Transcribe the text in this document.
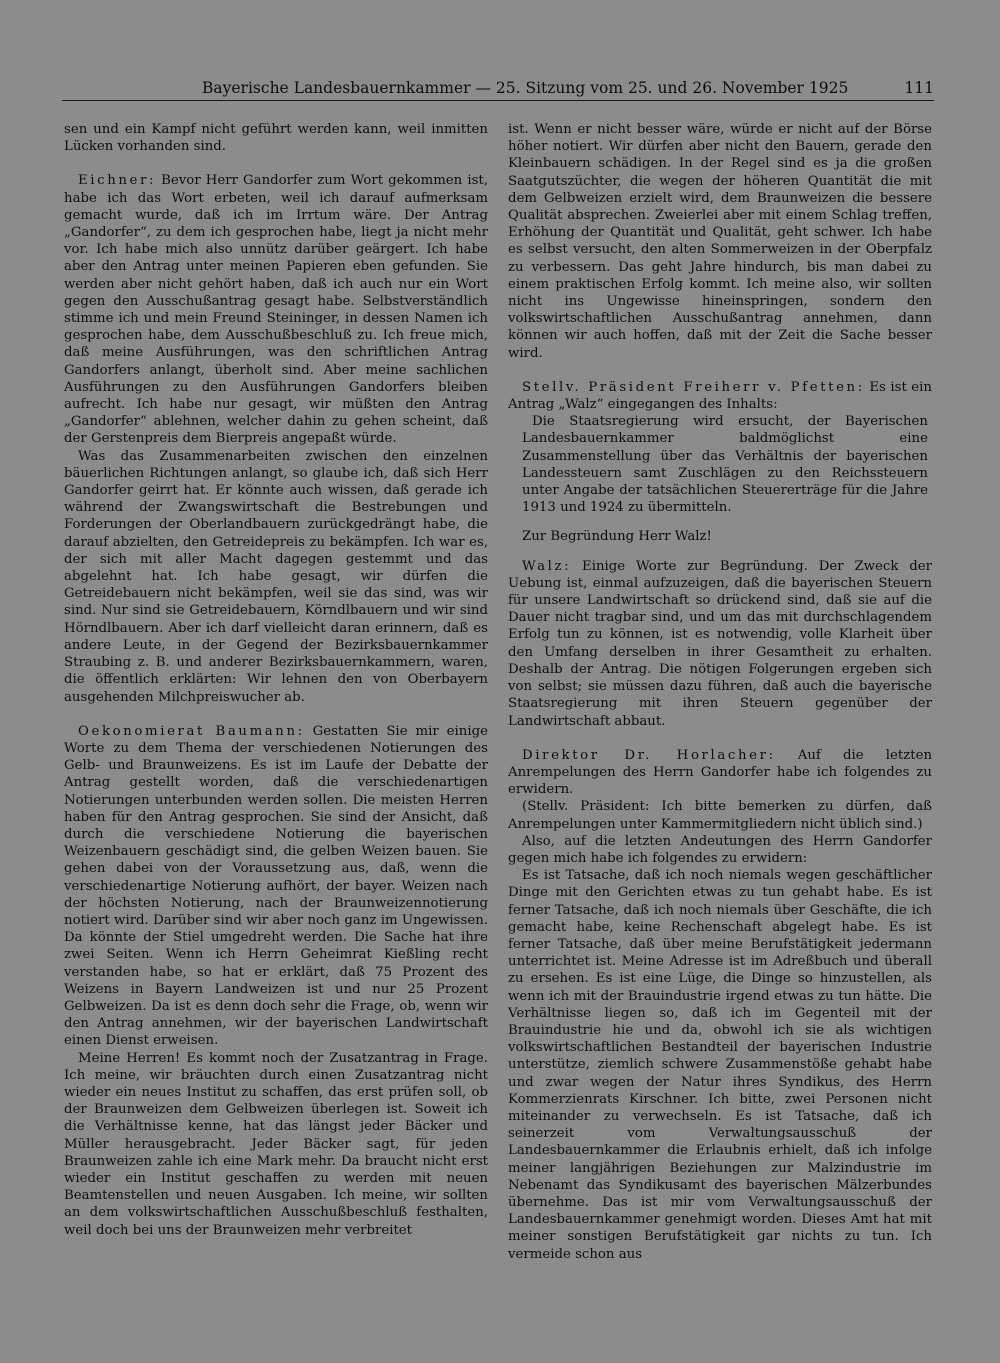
Bayerische Landesbauernkammer — 25. Sitzung vom 25. und 26. November 1925	111

sen und ein Kampf nicht geführt werden kann, weil inmitten Lücken vorhanden sind.

Eichner: Bevor Herr Gandorfer zum Wort gekommen ist, habe ich das Wort erbeten, weil ich darauf aufmerksam gemacht wurde, daß ich im Irrtum wäre. Der Antrag „Gandorfer“, zu dem ich gesprochen habe, liegt ja nicht mehr vor. Ich habe mich also unnütz darüber geärgert. Ich habe aber den Antrag unter meinen Papieren eben gefunden. Sie werden aber nicht gehört haben, daß ich auch nur ein Wort gegen den Ausschußantrag gesagt habe. Selbstverständlich stimme ich und mein Freund Steininger, in dessen Namen ich gesprochen habe, dem Ausschußbeschluß zu. Ich freue mich, daß meine Ausführungen, was den schriftlichen Antrag Gandorfers anlangt, überholt sind. Aber meine sachlichen Ausführungen zu den Ausführungen Gandorfers bleiben aufrecht. Ich habe nur gesagt, wir müßten den Antrag „Gandorfer“ ablehnen, welcher dahin zu gehen scheint, daß der Gerstenpreis dem Bierpreis angepaßt würde.

Was das Zusammenarbeiten zwischen den einzelnen bäuerlichen Richtungen anlangt, so glaube ich, daß sich Herr Gandorfer geirrt hat. Er könnte auch wissen, daß gerade ich während der Zwangswirtschaft die Bestrebungen und Forderungen der Oberlandbauern zurückgedrängt habe, die darauf abzielten, den Getreidepreis zu bekämpfen. Ich war es, der sich mit aller Macht dagegen gestemmt und das abgelehnt hat. Ich habe gesagt, wir dürfen die Getreidebauern nicht bekämpfen, weil sie das sind, was wir sind. Nur sind sie Getreidebauern, Körndlbauern und wir sind Hörndlbauern. Aber ich darf vielleicht daran erinnern, daß es andere Leute, in der Gegend der Bezirksbauernkammer Straubing z. B. und anderer Bezirksbauernkammern, waren, die öffentlich erklärten: Wir lehnen den von Oberbayern ausgehenden Milchpreiswucher ab.

Oekonomierat Baumann: Gestatten Sie mir einige Worte zu dem Thema der verschiedenen Notierungen des Gelb- und Braunweizens. Es ist im Laufe der Debatte der Antrag gestellt worden, daß die verschiedenartigen Notierungen unterbunden werden sollen. Die meisten Herren haben für den Antrag gesprochen. Sie sind der Ansicht, daß durch die verschiedene Notierung die bayerischen Weizenbauern geschädigt sind, die gelben Weizen bauen. Sie gehen dabei von der Voraussetzung aus, daß, wenn die verschiedenartige Notierung aufhört, der bayer. Weizen nach der höchsten Notierung, nach der Braunweizennotierung notiert wird. Darüber sind wir aber noch ganz im Ungewissen. Da könnte der Stiel umgedreht werden. Die Sache hat ihre zwei Seiten. Wenn ich Herrn Geheimrat Kießling recht verstanden habe, so hat er erklärt, daß 75 Prozent des Weizens in Bayern Landweizen ist und nur 25 Prozent Gelbweizen. Da ist es denn doch sehr die Frage, ob, wenn wir den Antrag annehmen, wir der bayerischen Landwirtschaft einen Dienst erweisen.

Meine Herren! Es kommt noch der Zusatzantrag in Frage. Ich meine, wir bräuchten durch einen Zusatzantrag nicht wieder ein neues Institut zu schaffen, das erst prüfen soll, ob der Braunweizen dem Gelbweizen überlegen ist. Soweit ich die Verhältnisse kenne, hat das längst jeder Bäcker und Müller herausgebracht. Jeder Bäcker sagt, für jeden Braunweizen zahle ich eine Mark mehr. Da braucht nicht erst wieder ein Institut geschaffen zu werden mit neuen Beamtenstellen und neuen Ausgaben. Ich meine, wir sollten an dem volkswirtschaftlichen Ausschußbeschluß festhalten, weil doch bei uns der Braunweizen mehr verbreitet

ist. Wenn er nicht besser wäre, würde er nicht auf der Börse höher notiert. Wir dürfen aber nicht den Bauern, gerade den Kleinbauern schädigen. In der Regel sind es ja die großen Saatgutszüchter, die wegen der höheren Quantität die mit dem Gelbweizen erzielt wird, dem Braunweizen die bessere Qualität absprechen. Zweierlei aber mit einem Schlag treffen, Erhöhung der Quantität und Qualität, geht schwer. Ich habe es selbst versucht, den alten Sommerweizen in der Oberpfalz zu verbessern. Das geht Jahre hindurch, bis man dabei zu einem praktischen Erfolg kommt. Ich meine also, wir sollten nicht ins Ungewisse hineinspringen, sondern den volkswirtschaftlichen Ausschußantrag annehmen, dann können wir auch hoffen, daß mit der Zeit die Sache besser wird.

Stellv. Präsident Freiherr v. Pfetten: Es ist ein Antrag „Walz“ eingegangen des Inhalts:

Die Staatsregierung wird ersucht, der Bayerischen Landesbauernkammer baldmöglichst eine Zusammenstellung über das Verhältnis der bayerischen Landessteuern samt Zuschlägen zu den Reichssteuern unter Angabe der tatsächlichen Steuererträge für die Jahre 1913 und 1924 zu übermitteln.

Zur Begründung Herr Walz!

Walz: Einige Worte zur Begründung. Der Zweck der Uebung ist, einmal aufzuzeigen, daß die bayerischen Steuern für unsere Landwirtschaft so drückend sind, daß sie auf die Dauer nicht tragbar sind, und um das mit durchschlagendem Erfolg tun zu können, ist es notwendig, volle Klarheit über den Umfang derselben in ihrer Gesamtheit zu erhalten. Deshalb der Antrag. Die nötigen Folgerungen ergeben sich von selbst; sie müssen dazu führen, daß auch die bayerische Staatsregierung mit ihren Steuern gegenüber der Landwirtschaft abbaut.

Direktor Dr. Horlacher: Auf die letzten Anrempelungen des Herrn Gandorfer habe ich folgendes zu erwidern.

(Stellv. Präsident: Ich bitte bemerken zu dürfen, daß Anrempelungen unter Kammermitgliedern nicht üblich sind.)

Also, auf die letzten Andeutungen des Herrn Gandorfer gegen mich habe ich folgendes zu erwidern:

Es ist Tatsache, daß ich noch niemals wegen geschäftlicher Dinge mit den Gerichten etwas zu tun gehabt habe. Es ist ferner Tatsache, daß ich noch niemals über Geschäfte, die ich gemacht habe, keine Rechenschaft abgelegt habe. Es ist ferner Tatsache, daß über meine Berufstätigkeit jedermann unterrichtet ist. Meine Adresse ist im Adreßbuch und überall zu ersehen. Es ist eine Lüge, die Dinge so hinzustellen, als wenn ich mit der Brauindustrie irgend etwas zu tun hätte. Die Verhältnisse liegen so, daß ich im Gegenteil mit der Brauindustrie hie und da, obwohl ich sie als wichtigen volkswirtschaftlichen Bestandteil der bayerischen Industrie unterstütze, ziemlich schwere Zusammenstöße gehabt habe und zwar wegen der Natur ihres Syndikus, des Herrn Kommerzienrats Kirschner. Ich bitte, zwei Personen nicht miteinander zu verwechseln. Es ist Tatsache, daß ich seinerzeit vom Verwaltungsausschuß der Landesbauernkammer die Erlaubnis erhielt, daß ich infolge meiner langjährigen Beziehungen zur Malzindustrie im Nebenamt das Syndikusamt des bayerischen Mälzerbundes übernehme. Das ist mir vom Verwaltungsausschuß der Landesbauernkammer genehmigt worden. Dieses Amt hat mit meiner sonstigen Berufstätigkeit gar nichts zu tun. Ich vermeide schon aus
